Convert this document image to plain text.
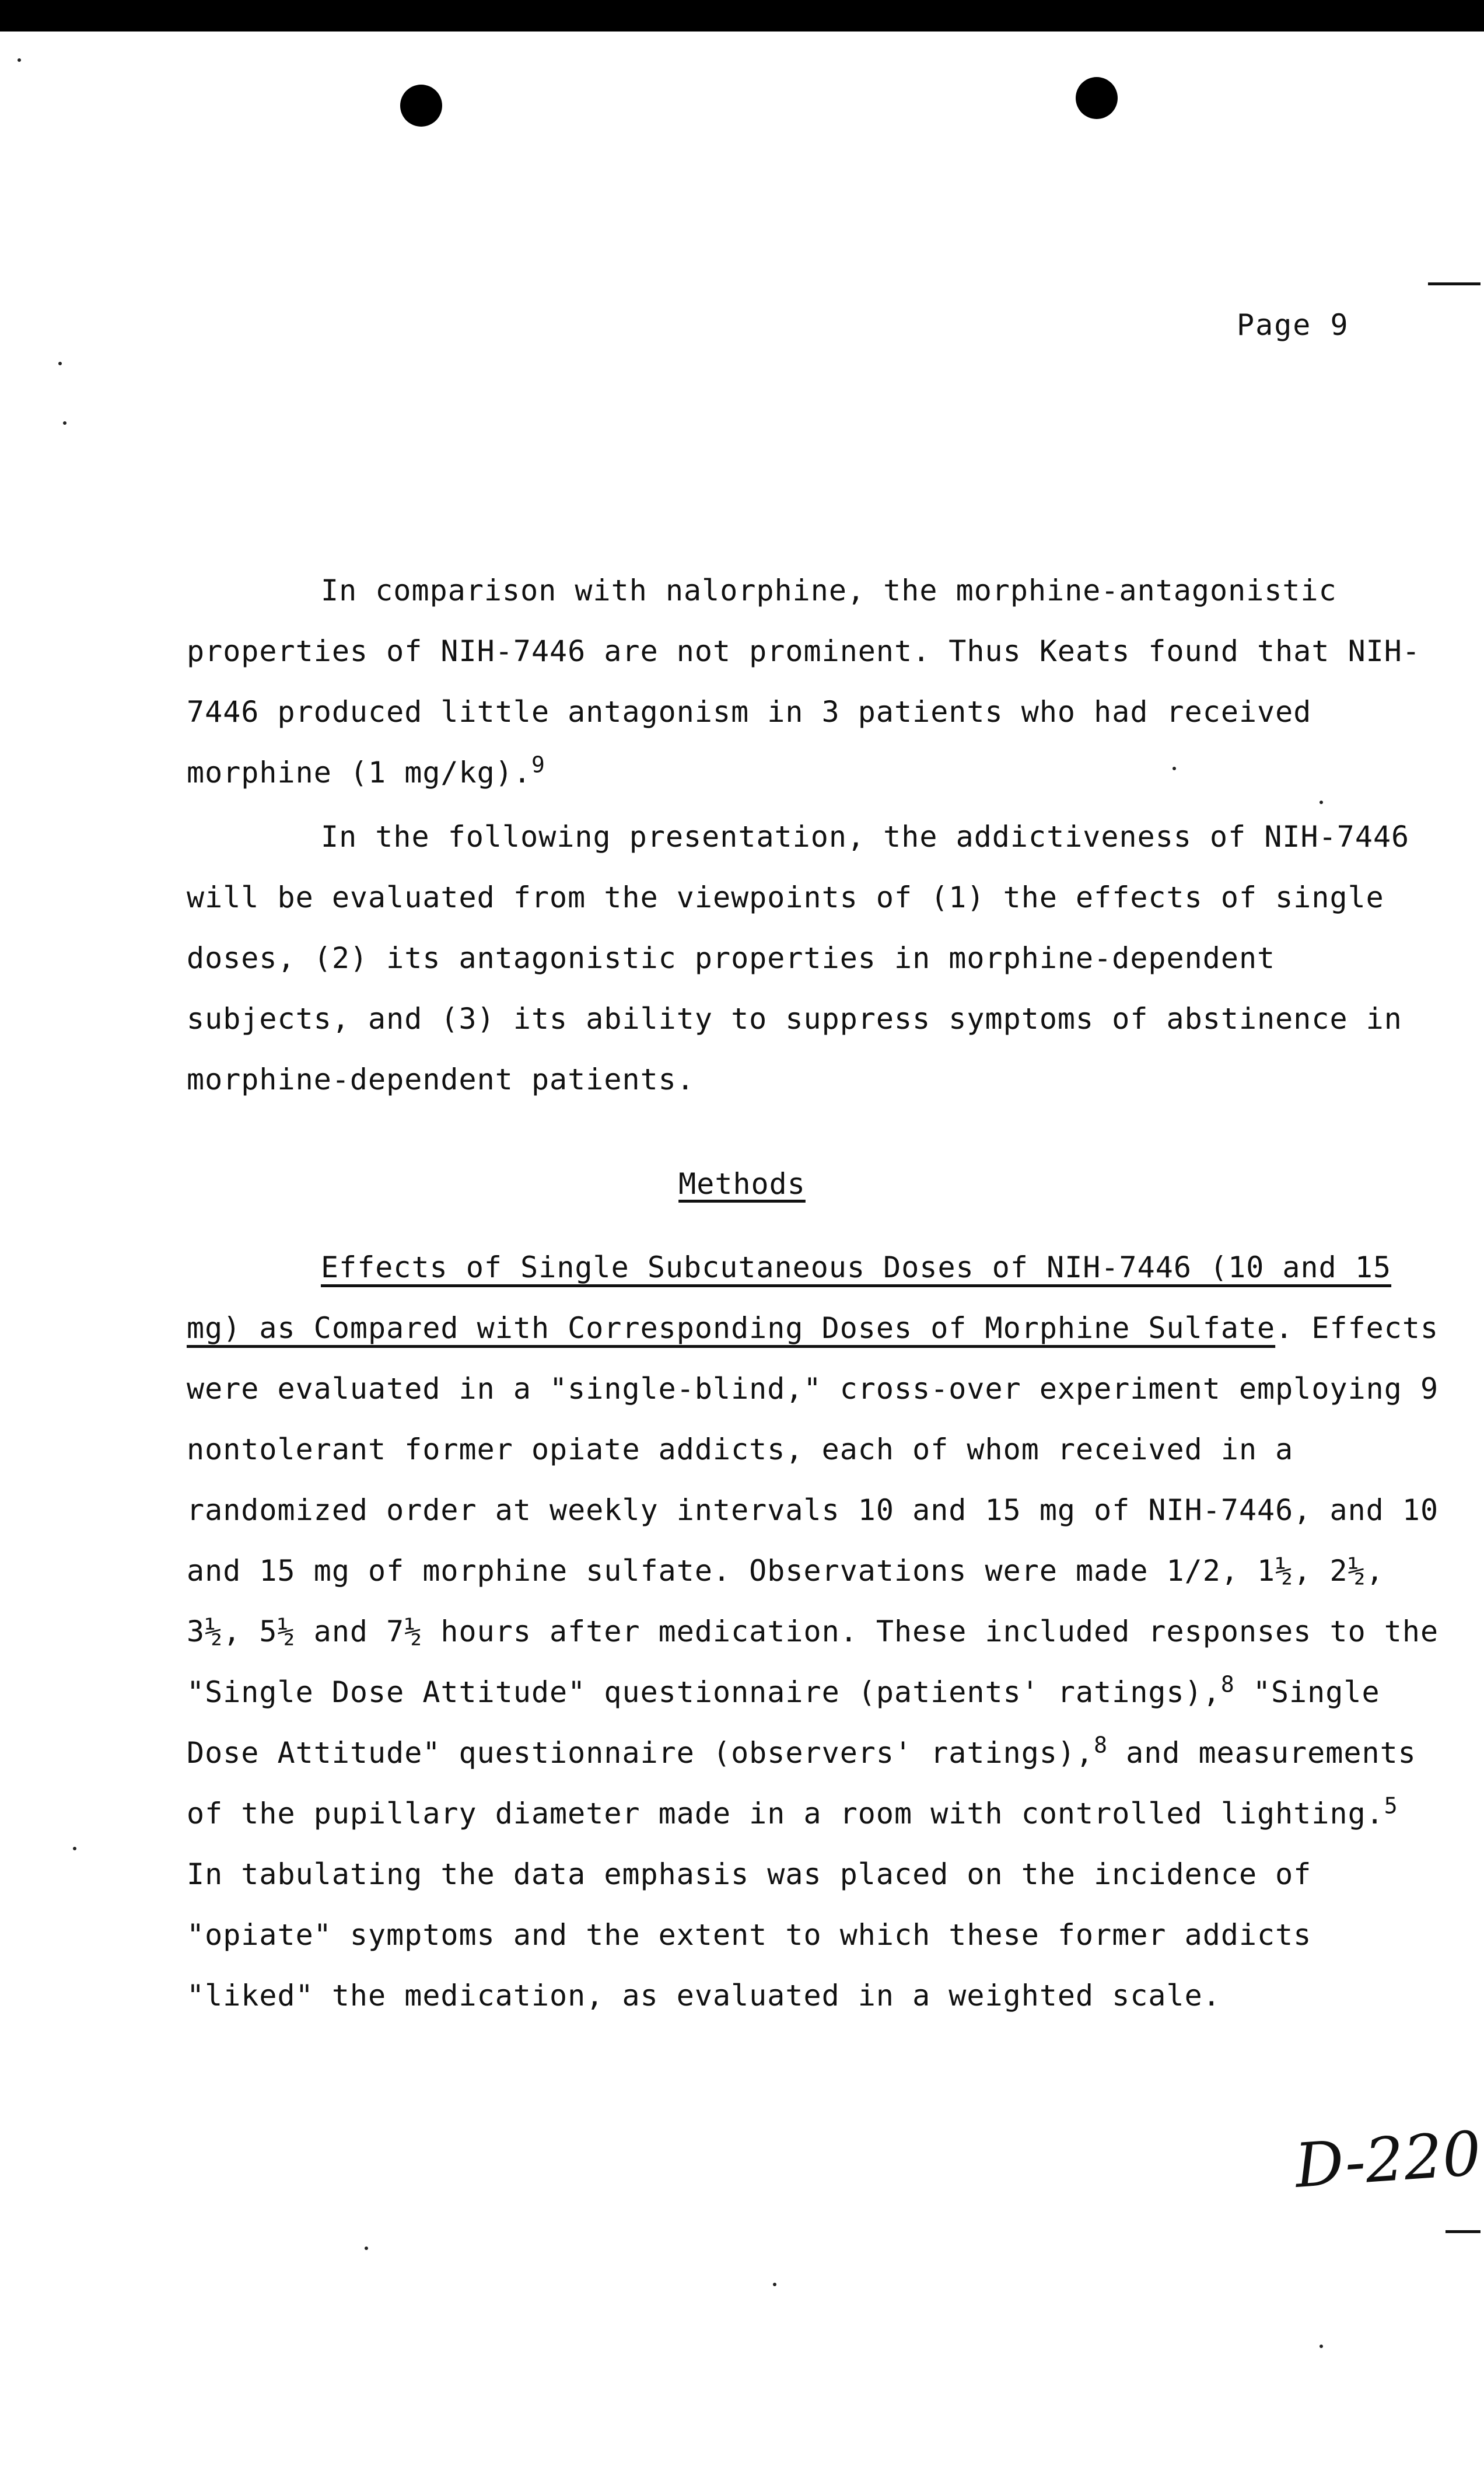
Page 9

In comparison with nalorphine, the morphine-antagonistic properties of NIH-7446 are not prominent. Thus Keats found that NIH-7446 produced little antagonism in 3 patients who had received morphine (1 mg/kg).$^9$

In the following presentation, the addictiveness of NIH-7446 will be evaluated from the viewpoints of (1) the effects of single doses, (2) its antagonistic properties in morphine-dependent subjects, and (3) its ability to suppress symptoms of abstinence in morphine-dependent patients.

Methods

Effects of Single Subcutaneous Doses of NIH-7446 (10 and 15 mg) as Compared with Corresponding Doses of Morphine Sulfate. Effects were evaluated in a "single-blind," cross-over experiment employing 9 nontolerant former opiate addicts, each of whom received in a randomized order at weekly intervals 10 and 15 mg of NIH-7446, and 10 and 15 mg of morphine sulfate. Observations were made 1/2, 1½, 2½, 3½, 5½ and 7½ hours after medication. These included responses to the "Single Dose Attitude" questionnaire (patients' ratings),$^8$ "Single Dose Attitude" questionnaire (observers' ratings),$^8$ and measurements of the pupillary diameter made in a room with controlled lighting.$^5$ In tabulating the data emphasis was placed on the incidence of "opiate" symptoms and the extent to which these former addicts "liked" the medication, as evaluated in a weighted scale.

D-220
